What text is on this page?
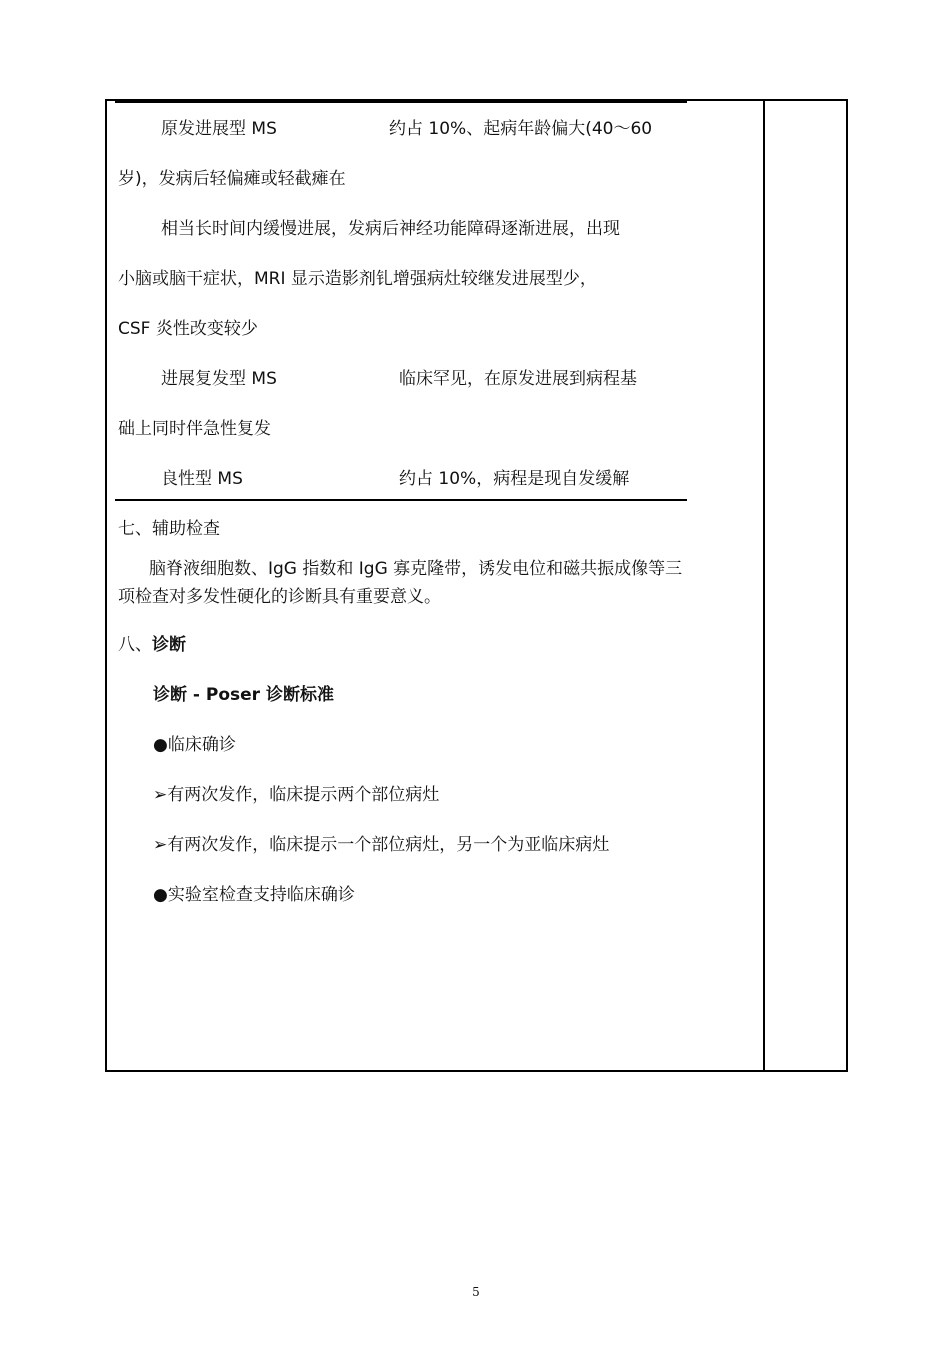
原发进展型 MS	约占 10%、起病年龄偏大(40～60
岁)，发病后轻偏瘫或轻截瘫在
相当长时间内缓慢进展，发病后神经功能障碍逐渐进展，出现
小脑或脑干症状，MRI 显示造影剂钆增强病灶较继发进展型少，
CSF 炎性改变较少
进展复发型 MS	临床罕见，在原发进展到病程基
础上同时伴急性复发
良性型 MS	约占 10%，病程是现自发缓解
七、辅助检查
脑脊液细胞数、IgG 指数和 IgG 寡克隆带，诱发电位和磁共振成像等三
项检查对多发性硬化的诊断具有重要意义。
八、诊断
诊断 - Poser 诊断标准
●临床确诊
➢有两次发作，临床提示两个部位病灶
➢有两次发作，临床提示一个部位病灶，另一个为亚临床病灶
●实验室检查支持临床确诊
5
